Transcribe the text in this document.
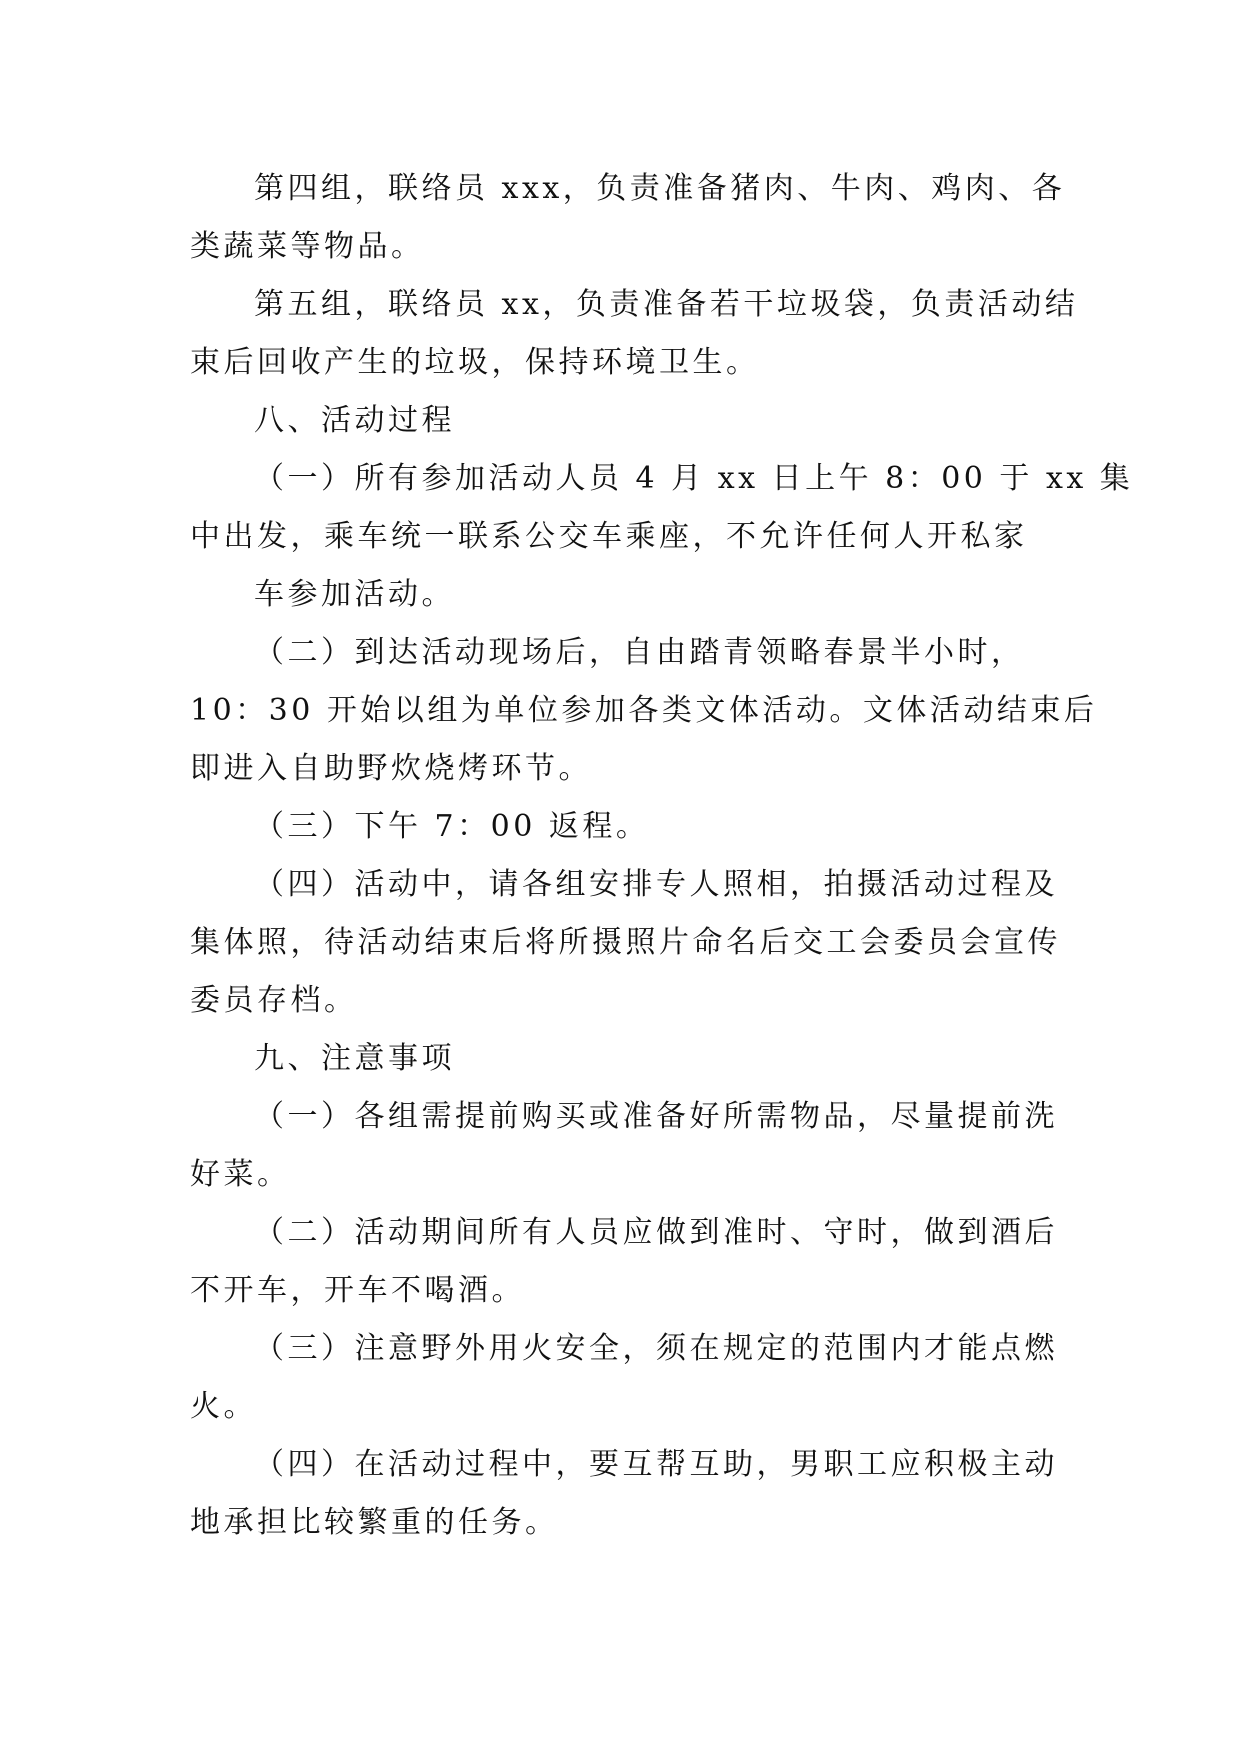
第四组，联络员 xxx，负责准备猪肉、牛肉、鸡肉、各
类蔬菜等物品。
第五组，联络员 xx，负责准备若干垃圾袋，负责活动结
束后回收产生的垃圾，保持环境卫生。
八、活动过程
（一）所有参加活动人员 4 月 xx 日上午 8：00 于 xx 集
中出发，乘车统一联系公交车乘座，不允许任何人开私家
车参加活动。
（二）到达活动现场后，自由踏青领略春景半小时，
10：30 开始以组为单位参加各类文体活动。文体活动结束后
即进入自助野炊烧烤环节。
（三）下午 7：00 返程。
（四）活动中，请各组安排专人照相，拍摄活动过程及
集体照，待活动结束后将所摄照片命名后交工会委员会宣传
委员存档。
九、注意事项
（一）各组需提前购买或准备好所需物品，尽量提前洗
好菜。
（二）活动期间所有人员应做到准时、守时，做到酒后
不开车，开车不喝酒。
（三）注意野外用火安全，须在规定的范围内才能点燃
火。
（四）在活动过程中，要互帮互助，男职工应积极主动
地承担比较繁重的任务。
